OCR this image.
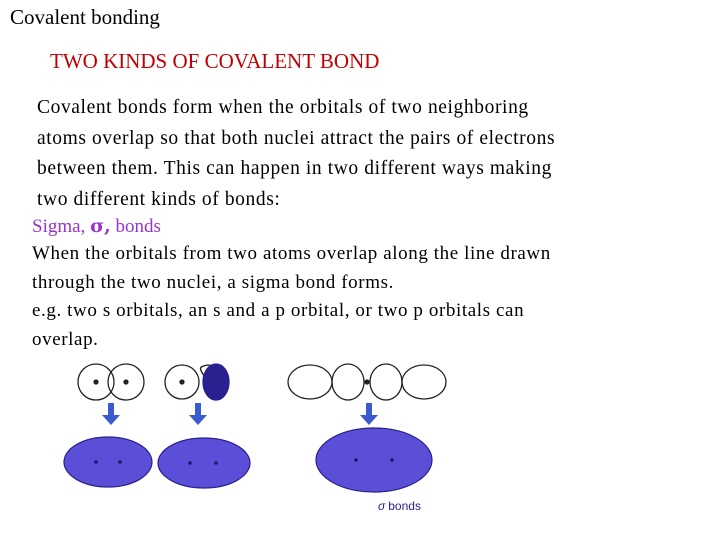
Covalent bonding
TWO KINDS OF COVALENT BOND
Covalent bonds form when the orbitals of two neighboring
atoms overlap so that both nuclei attract the pairs of electrons
between them. This can happen in two different ways making
two different kinds of bonds:
Sigma, σ, bonds
When the orbitals from two atoms overlap along the line drawn
through the two nuclei, a sigma bond forms.
e.g. two s orbitals, an s and a p orbital, or two p orbitals can
overlap.
σ bonds
